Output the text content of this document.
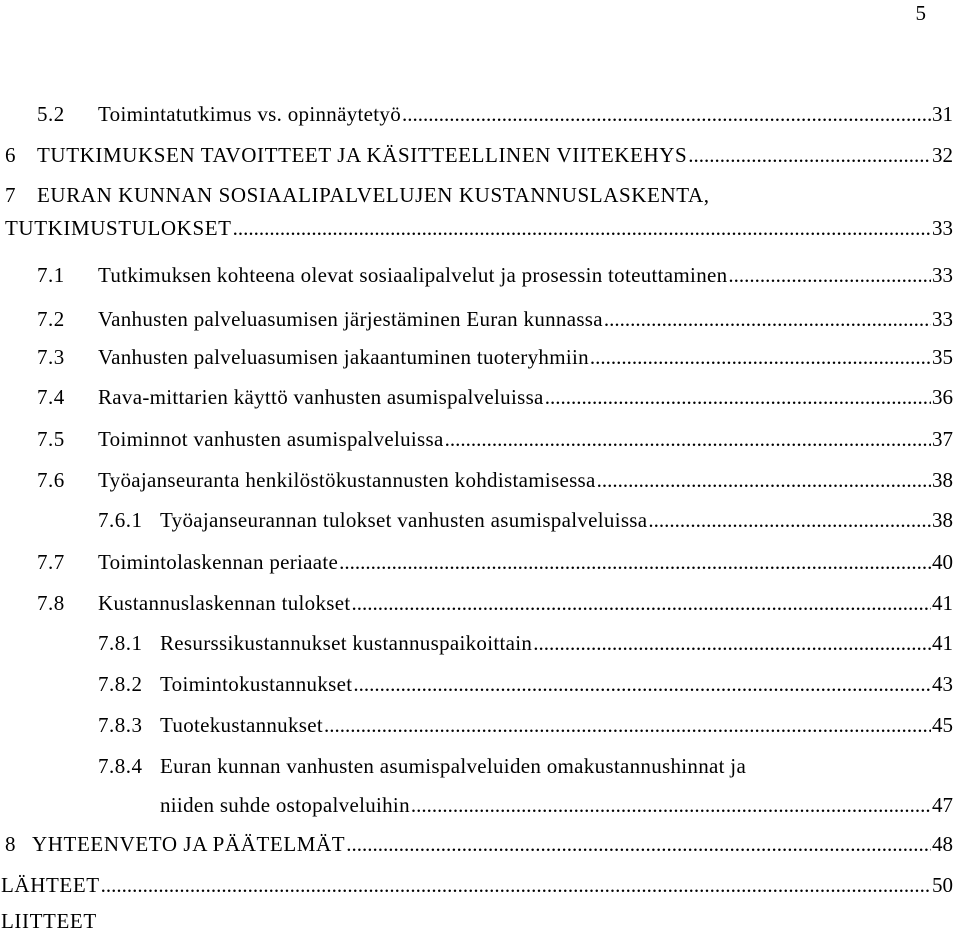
5
5.2	Toimintatutkimus vs. opinnäytetyö .....	31
6	TUTKIMUKSEN TAVOITTEET JA KÄSITTEELLINEN VIITEKEHYS .....	32
7	EURAN KUNNAN SOSIAALIPALVELUJEN KUSTANNUSLASKENTA,
TUTKIMUSTULOKSET .....	33
7.1	Tutkimuksen kohteena olevat sosiaalipalvelut ja prosessin toteuttaminen .....	33
7.2	Vanhusten palveluasumisen järjestäminen Euran kunnassa .....	33
7.3	Vanhusten palveluasumisen jakaantuminen tuoteryhmiin .....	35
7.4	Rava-mittarien käyttö vanhusten asumispalveluissa .....	36
7.5	Toiminnot vanhusten asumispalveluissa .....	37
7.6	Työajanseuranta henkilöstökustannusten kohdistamisessa .....	38
7.6.1 Työajanseurannan tulokset vanhusten asumispalveluissa .....	38
7.7	Toimintolaskennan periaate .....	40
7.8	Kustannuslaskennan tulokset .....	41
7.8.1 Resurssikustannukset kustannuspaikoittain .....	41
7.8.2 Toimintokustannukset .....	43
7.8.3 Tuotekustannukset .....	45
7.8.4 Euran kunnan vanhusten asumispalveluiden omakustannushinnat ja
niiden suhde ostopalveluihin .....	47
8 YHTEENVETO JA PÄÄTELMÄT .....	48
LÄHTEET .....	50
LIITTEET
